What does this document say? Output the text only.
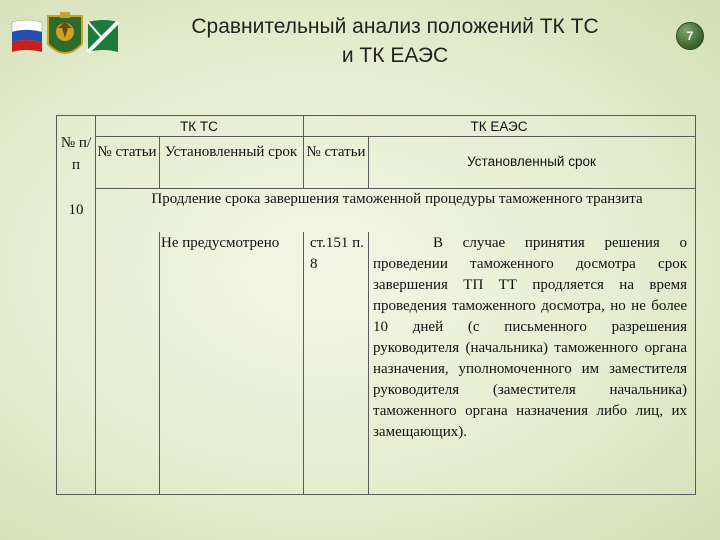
Сравнительный анализ положений ТК ТС
и ТК ЕАЭС
7
№ п/п
ТК ТС	ТК ЕАЭС
№ статьи Установленный срок № статьи
Установленный срок
10
Продление срока завершения таможенной процедуры таможенного транзита
Не предусмотрено	ст.151 п. 8
В случае принятия решения о проведении таможенного досмотра срок завершения ТП ТТ продляется на время проведения таможенного досмотра, но не более 10 дней (с письменного разрешения руководителя (начальника) таможенного органа назначения, уполномоченного им заместителя руководителя (заместителя начальника) таможенного органа назначения либо лиц, их замещающих).
